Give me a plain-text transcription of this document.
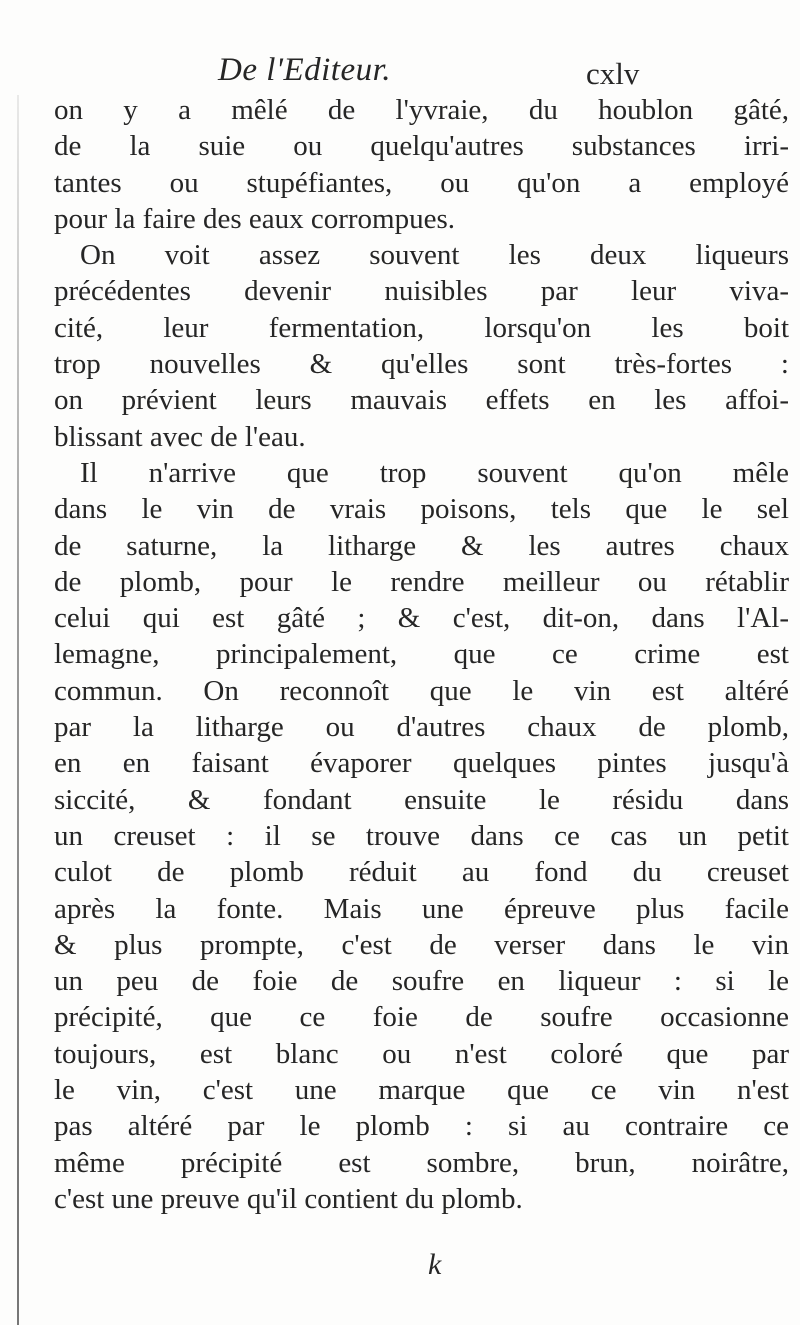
De l'Editeur.	cxlv
on y a mêlé de l'yvraie, du houblon gâté,
de la suie ou quelqu'autres substances irri-
tantes ou stupéfiantes, ou qu'on a employé
pour la faire des eaux corrompues.
On voit assez souvent les deux liqueurs
précédentes devenir nuisibles par leur viva-
cité, leur fermentation, lorsqu'on les boit
trop nouvelles & qu'elles sont très-fortes :
on prévient leurs mauvais effets en les affoi-
blissant avec de l'eau.
Il n'arrive que trop souvent qu'on mêle
dans le vin de vrais poisons, tels que le sel
de saturne, la litharge & les autres chaux
de plomb, pour le rendre meilleur ou rétablir
celui qui est gâté ; & c'est, dit-on, dans l'Al-
lemagne, principalement, que ce crime est
commun. On reconnoît que le vin est altéré
par la litharge ou d'autres chaux de plomb,
en en faisant évaporer quelques pintes jusqu'à
siccité, & fondant ensuite le résidu dans
un creuset : il se trouve dans ce cas un petit
culot de plomb réduit au fond du creuset
après la fonte. Mais une épreuve plus facile
& plus prompte, c'est de verser dans le vin
un peu de foie de soufre en liqueur : si le
précipité, que ce foie de soufre occasionne
toujours, est blanc ou n'est coloré que par
le vin, c'est une marque que ce vin n'est
pas altéré par le plomb : si au contraire ce
même précipité est sombre, brun, noirâtre,
c'est une preuve qu'il contient du plomb.
k
